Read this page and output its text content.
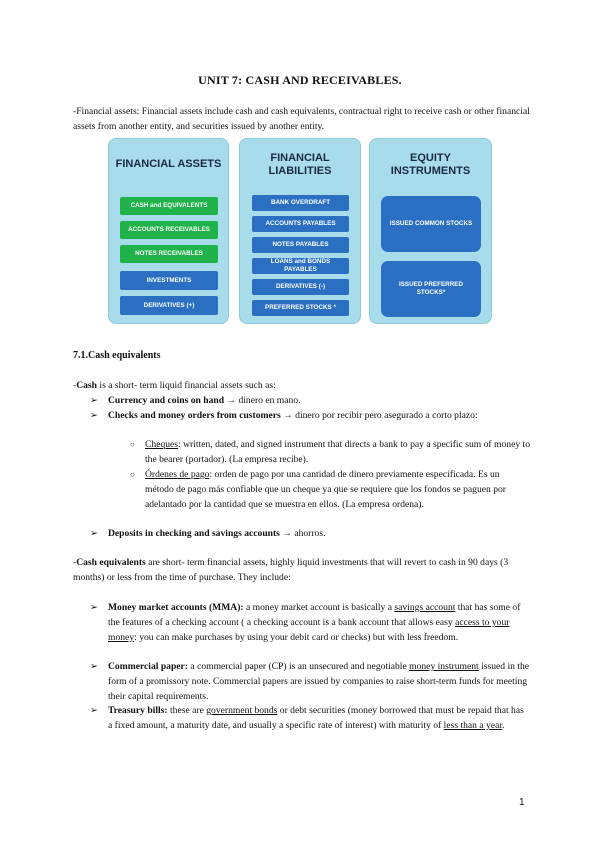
UNIT 7: CASH AND RECEIVABLES.
-Financial assets: Financial assets include cash and cash equivalents, contractual right to receive cash or other financial assets from another entity, and securities issued by another entity.
FINANCIAL ASSETS
CASH and EQUIVALENTS
ACCOUNTS RECEIVABLES
NOTES RECEIVABLES
INVESTMENTS
DERIVATIVES (+)
FINANCIAL
LIABILITIES
BANK OVERDRAFT
ACCOUNTS PAYABLES
NOTES PAYABLES
LOANS and BONDS PAYABLES
DERIVATIVES (-)
PREFERRED STOCKS *
EQUITY
INSTRUMENTS
ISSUED COMMON STOCKS
ISSUED PREFERRED STOCKS*
7.1.Cash equivalents
-Cash is a short- term liquid financial assets such as:
➢ Currency and coins on hand → dinero en mano.
➢ Checks and money orders from customers → dinero por recibir pero asegurado a corto plazo:
○ Cheques: written, dated, and signed instrument that directs a bank to pay a specific sum of money to the bearer (portador). (La empresa recibe).
○ Órdenes de pago: orden de pago por una cantidad de dinero previamente especificada. Es un método de pago más confiable que un cheque ya que se requiere que los fondos se paguen por adelantado por la cantidad que se muestra en ellos. (La empresa ordena).
➢ Deposits in checking and savings accounts → ahorros.
-Cash equivalents are short- term financial assets, highly liquid investments that will revert to cash in 90 days (3 months) or less from the time of purchase. They include:
➢ Money market accounts (MMA): a money market account is basically a savings account that has some of the features of a checking account ( a checking account is a bank account that allows easy access to your money: you can make purchases by using your debit card or checks) but with less freedom.
➢ Commercial paper: a commercial paper (CP) is an unsecured and negotiable money instrument issued in the form of a promissory note. Commercial papers are issued by companies to raise short-term funds for meeting their capital requirements.
➢ Treasury bills: these are government bonds or debt securities (money borrowed that must be repaid that has a fixed amount, a maturity date, and usually a specific rate of interest) with maturity of less than a year.
1
